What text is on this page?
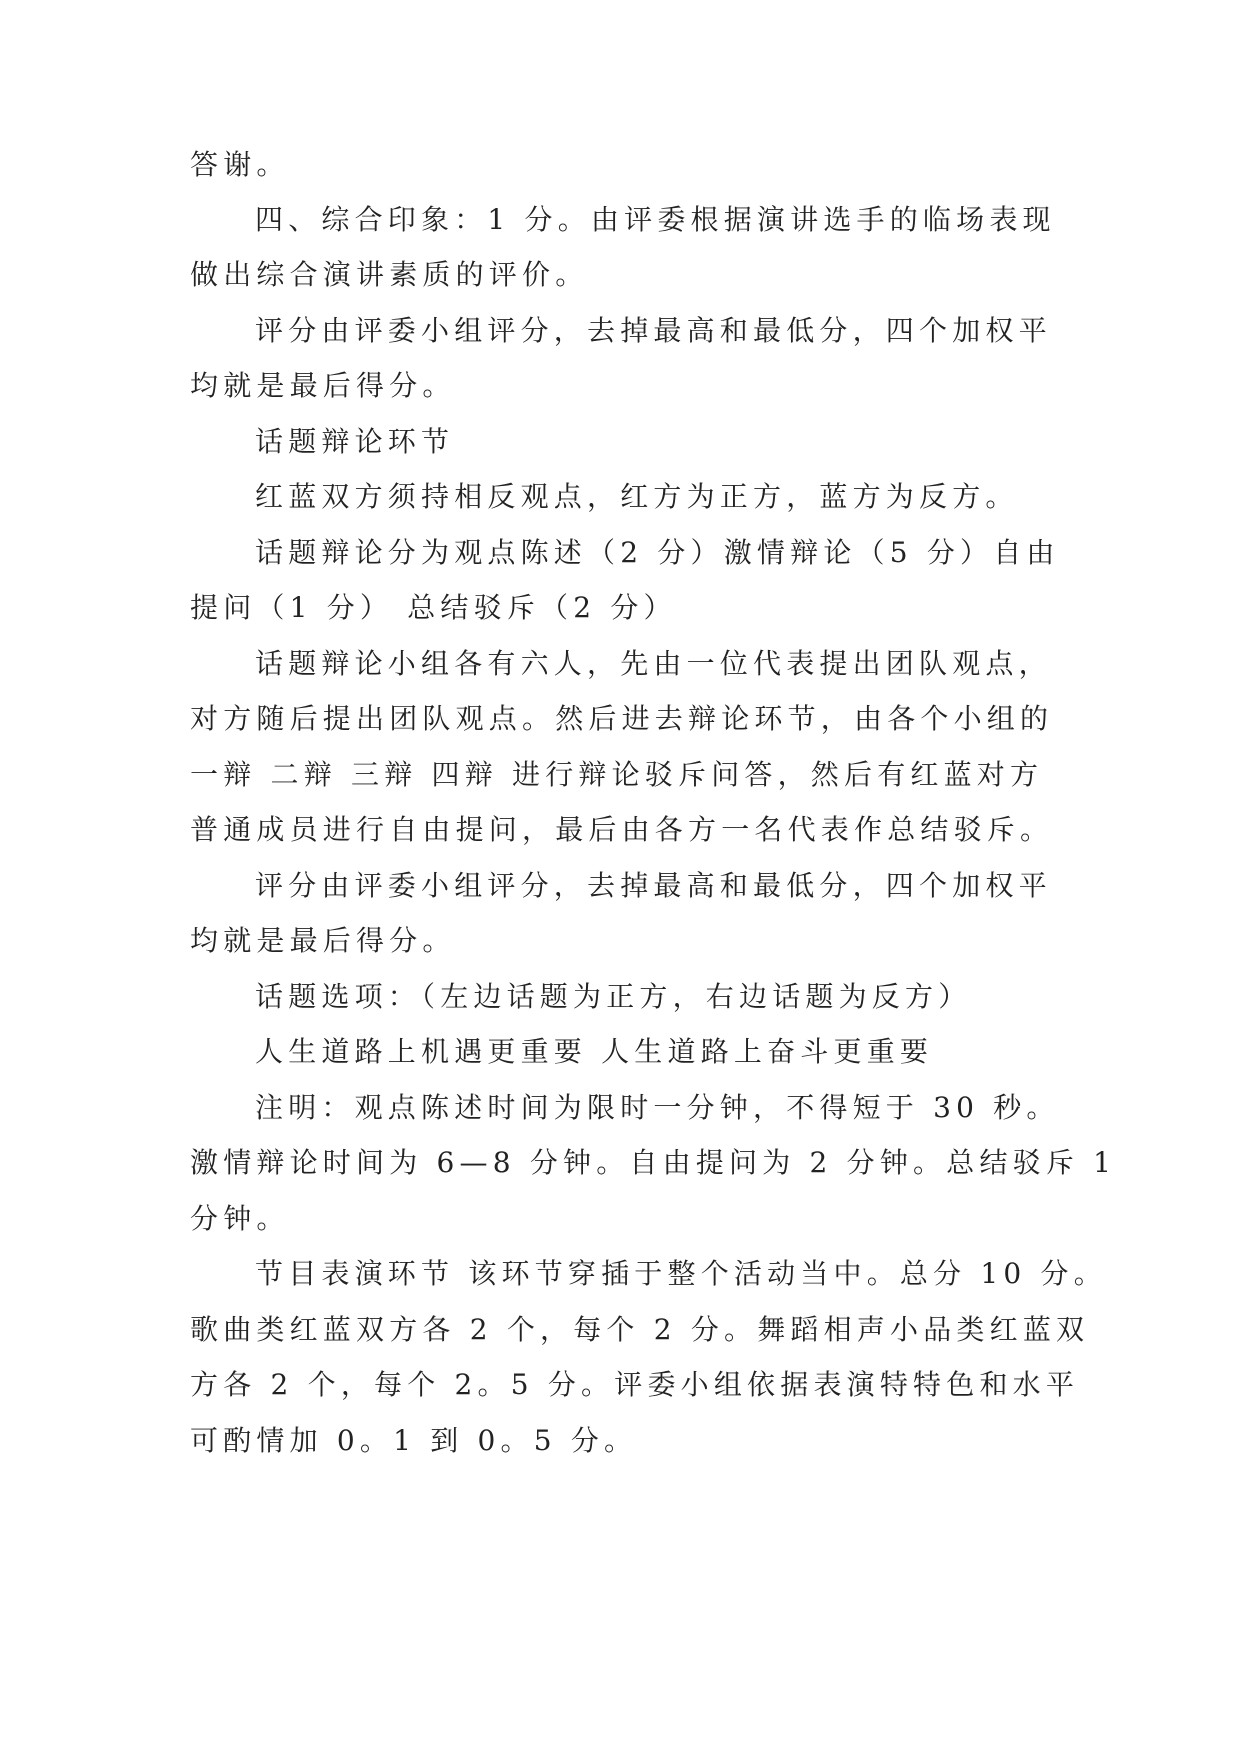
答谢。
四、综合印象：1 分。由评委根据演讲选手的临场表现
做出综合演讲素质的评价。
评分由评委小组评分，去掉最高和最低分，四个加权平
均就是最后得分。
话题辩论环节
红蓝双方须持相反观点，红方为正方，蓝方为反方。
话题辩论分为观点陈述（2 分）激情辩论（5 分）自由
提问（1 分） 总结驳斥（2 分）
话题辩论小组各有六人，先由一位代表提出团队观点，
对方随后提出团队观点。然后进去辩论环节，由各个小组的
一辩 二辩 三辩 四辩 进行辩论驳斥问答，然后有红蓝对方
普通成员进行自由提问，最后由各方一名代表作总结驳斥。
评分由评委小组评分，去掉最高和最低分，四个加权平
均就是最后得分。
话题选项：（左边话题为正方，右边话题为反方）
人生道路上机遇更重要 人生道路上奋斗更重要
注明：观点陈述时间为限时一分钟，不得短于 30 秒。
激情辩论时间为 6—8 分钟。自由提问为 2 分钟。总结驳斥 1
分钟。
节目表演环节 该环节穿插于整个活动当中。总分 10 分。
歌曲类红蓝双方各 2 个，每个 2 分。舞蹈相声小品类红蓝双
方各 2 个，每个 2。5 分。评委小组依据表演特特色和水平
可酌情加 0。1 到 0。5 分。
